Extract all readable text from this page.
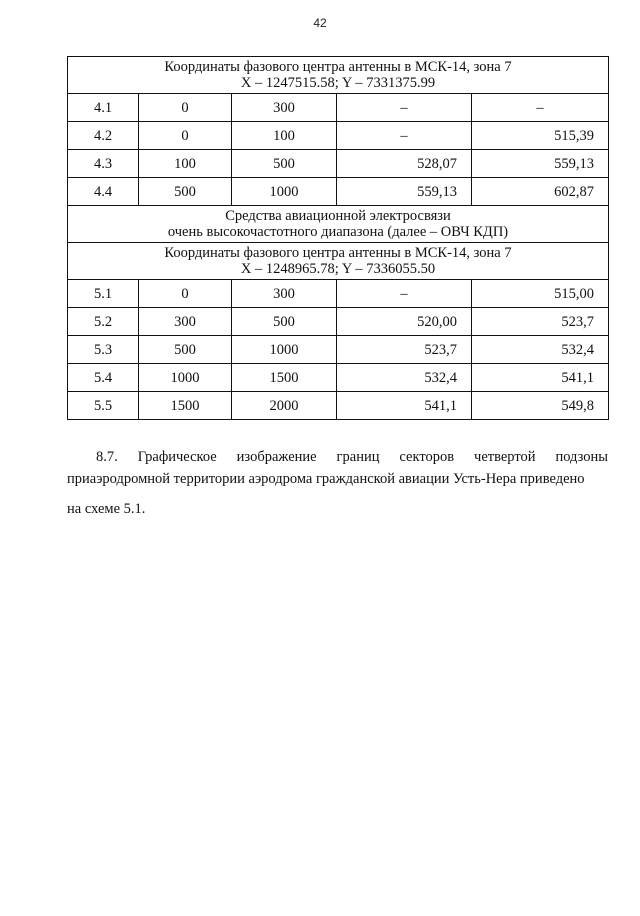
42
Координаты фазового центра антенны в МСК-14, зона 7
X – 1247515.58; Y – 7331375.99				

4.1	0	300	–	–
4.2	0	100	–	515,39
4.3	100	500	528,07	559,13
4.4	500	1000	559,13	602,87

Средства авиационной электросвязи
очень высокочастотного диапазона (далее – ОВЧ КДП)				

Координаты фазового центра антенны в МСК-14, зона 7
X – 1248965.78; Y – 7336055.50				

5.1	0	300	–	515,00
5.2	300	500	520,00	523,7
5.3	500	1000	523,7	532,4
5.4	1000	1500	532,4	541,1
5.5	1500	2000	541,1	549,8
8.7. Графическое изображение границ секторов четвертой подзоны
приаэродромной территории аэродрома гражданской авиации Усть-Нера приведено
на схеме 5.1.
